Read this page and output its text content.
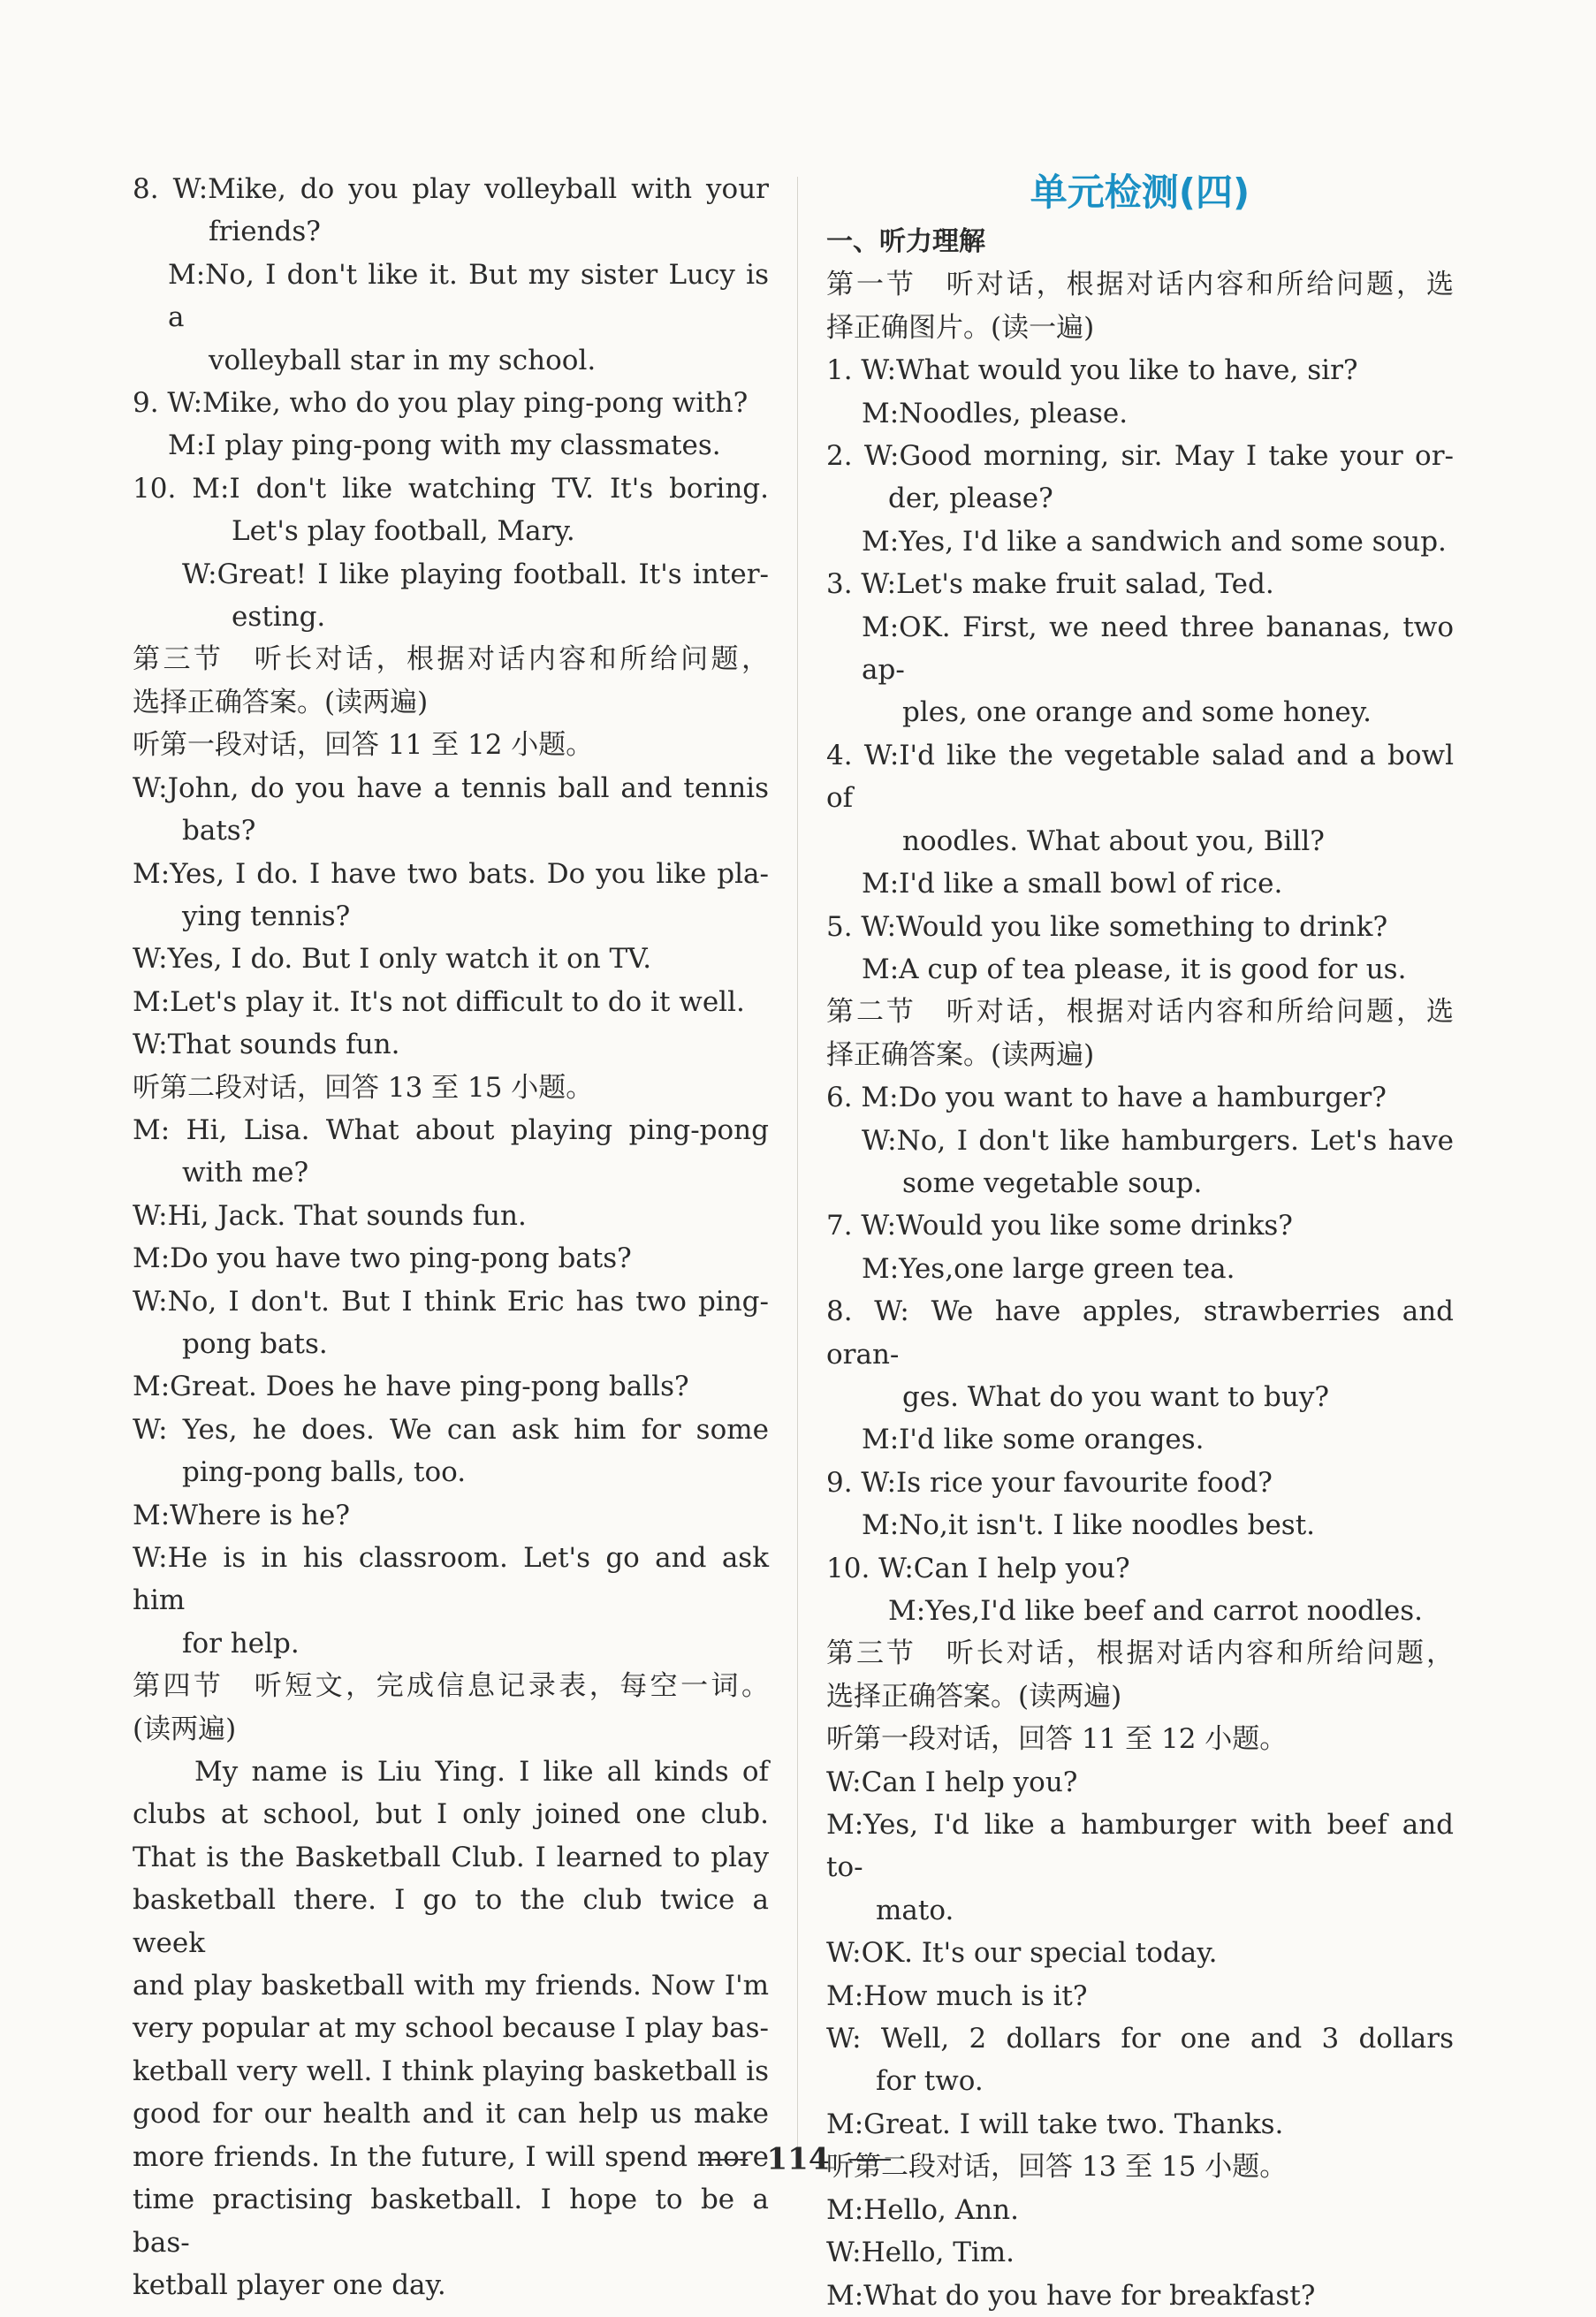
8. W:Mike, do you play volleyball with your
friends?
M:No, I don't like it. But my sister Lucy is a
volleyball star in my school.
9. W:Mike, who do you play ping-pong with?
M:I play ping-pong with my classmates.
10. M:I don't like watching TV. It's boring.
Let's play football, Mary.
W:Great! I like playing football. It's inter-
esting.
第三节　听长对话，根据对话内容和所给问题，
选择正确答案。(读两遍)
听第一段对话，回答 11 至 12 小题。
W:John, do you have a tennis ball and tennis
bats?
M:Yes, I do. I have two bats. Do you like pla-
ying tennis?
W:Yes, I do. But I only watch it on TV.
M:Let's play it. It's not difficult to do it well.
W:That sounds fun.
听第二段对话，回答 13 至 15 小题。
M: Hi, Lisa. What about playing ping-pong
with me?
W:Hi, Jack. That sounds fun.
M:Do you have two ping-pong bats?
W:No, I don't. But I think Eric has two ping-
pong bats.
M:Great. Does he have ping-pong balls?
W: Yes, he does. We can ask him for some
ping-pong balls, too.
M:Where is he?
W:He is in his classroom. Let's go and ask him
for help.
第四节　听短文，完成信息记录表，每空一词。
(读两遍)
My name is Liu Ying. I like all kinds of
clubs at school, but I only joined one club.
That is the Basketball Club. I learned to play
basketball there. I go to the club twice a week
and play basketball with my friends. Now I'm
very popular at my school because I play bas-
ketball very well. I think playing basketball is
good for our health and it can help us make
more friends. In the future, I will spend more
time practising basketball. I hope to be a bas-
ketball player one day.
单元检测(四)
一、听力理解
第一节　听对话，根据对话内容和所给问题，选
择正确图片。(读一遍)
1. W:What would you like to have, sir?
M:Noodles, please.
2. W:Good morning, sir. May I take your or-
der, please?
M:Yes, I'd like a sandwich and some soup.
3. W:Let's make fruit salad, Ted.
M:OK. First, we need three bananas, two ap-
ples, one orange and some honey.
4. W:I'd like the vegetable salad and a bowl of
noodles. What about you, Bill?
M:I'd like a small bowl of rice.
5. W:Would you like something to drink?
M:A cup of tea please, it is good for us.
第二节　听对话，根据对话内容和所给问题，选
择正确答案。(读两遍)
6. M:Do you want to have a hamburger?
W:No, I don't like hamburgers. Let's have
some vegetable soup.
7. W:Would you like some drinks?
M:Yes,one large green tea.
8. W: We have apples, strawberries and oran-
ges. What do you want to buy?
M:I'd like some oranges.
9. W:Is rice your favourite food?
M:No,it isn't. I like noodles best.
10. W:Can I help you?
M:Yes,I'd like beef and carrot noodles.
第三节　听长对话，根据对话内容和所给问题，
选择正确答案。(读两遍)
听第一段对话，回答 11 至 12 小题。
W:Can I help you?
M:Yes, I'd like a hamburger with beef and to-
mato.
W:OK. It's our special today.
M:How much is it?
W: Well, 2 dollars for one and 3 dollars
for two.
M:Great. I will take two. Thanks.
听第二段对话，回答 13 至 15 小题。
M:Hello, Ann.
W:Hello, Tim.
M:What do you have for breakfast?
114
